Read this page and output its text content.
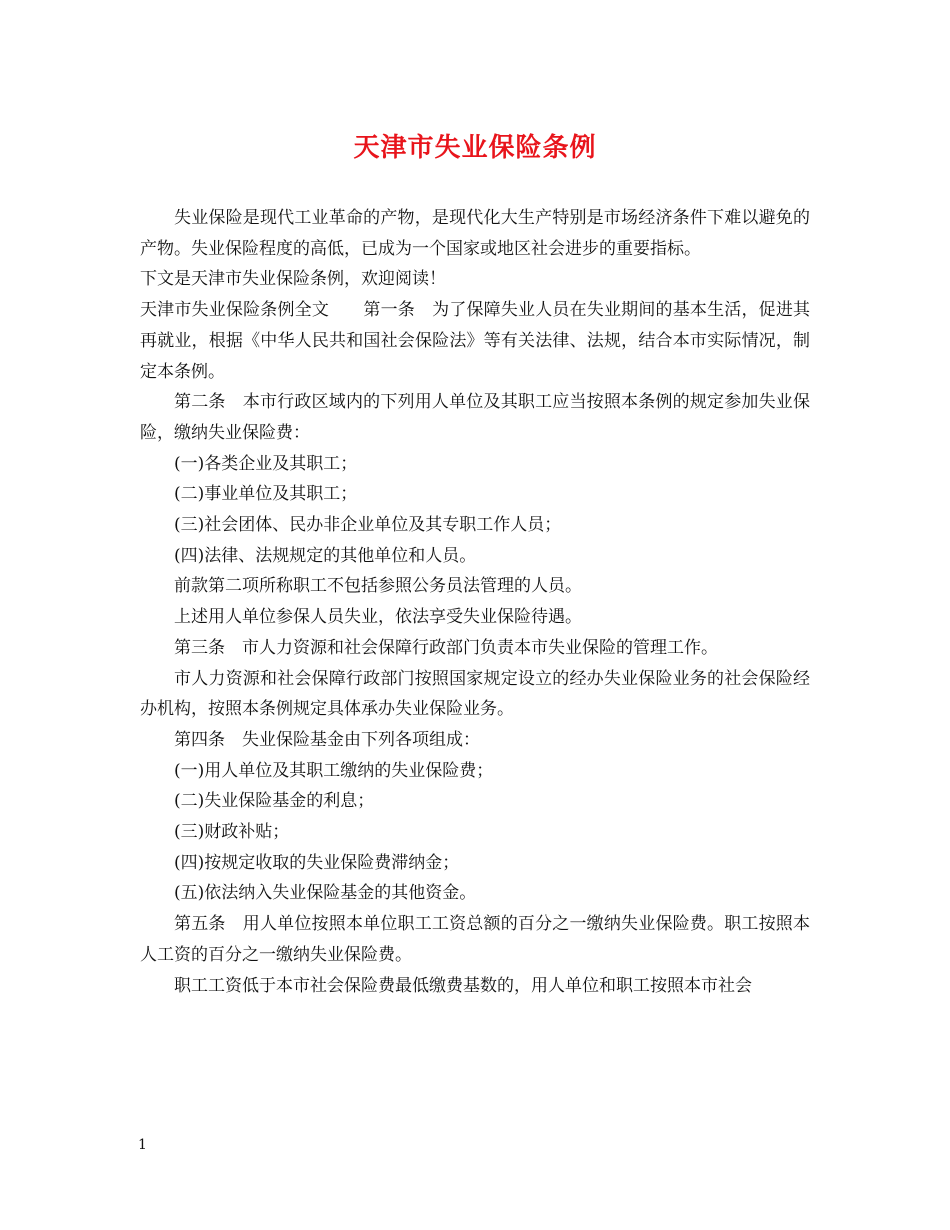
天津市失业保险条例

失业保险是现代工业革命的产物，是现代化大生产特别是市场经济条件下难以避免的产物。失业保险程度的高低，已成为一个国家或地区社会进步的重要指标。

下文是天津市失业保险条例，欢迎阅读！

天津市失业保险条例全文　　第一条　为了保障失业人员在失业期间的基本生活，促进其再就业，根据《中华人民共和国社会保险法》等有关法律、法规，结合本市实际情况，制定本条例。

第二条　本市行政区域内的下列用人单位及其职工应当按照本条例的规定参加失业保险，缴纳失业保险费：

(一)各类企业及其职工；

(二)事业单位及其职工；

(三)社会团体、民办非企业单位及其专职工作人员；

(四)法律、法规规定的其他单位和人员。

前款第二项所称职工不包括参照公务员法管理的人员。

上述用人单位参保人员失业，依法享受失业保险待遇。

第三条　市人力资源和社会保障行政部门负责本市失业保险的管理工作。

市人力资源和社会保障行政部门按照国家规定设立的经办失业保险业务的社会保险经办机构，按照本条例规定具体承办失业保险业务。

第四条　失业保险基金由下列各项组成：

(一)用人单位及其职工缴纳的失业保险费；

(二)失业保险基金的利息；

(三)财政补贴；

(四)按规定收取的失业保险费滞纳金；

(五)依法纳入失业保险基金的其他资金。

第五条　用人单位按照本单位职工工资总额的百分之一缴纳失业保险费。职工按照本人工资的百分之一缴纳失业保险费。

职工工资低于本市社会保险费最低缴费基数的，用人单位和职工按照本市社会

1
